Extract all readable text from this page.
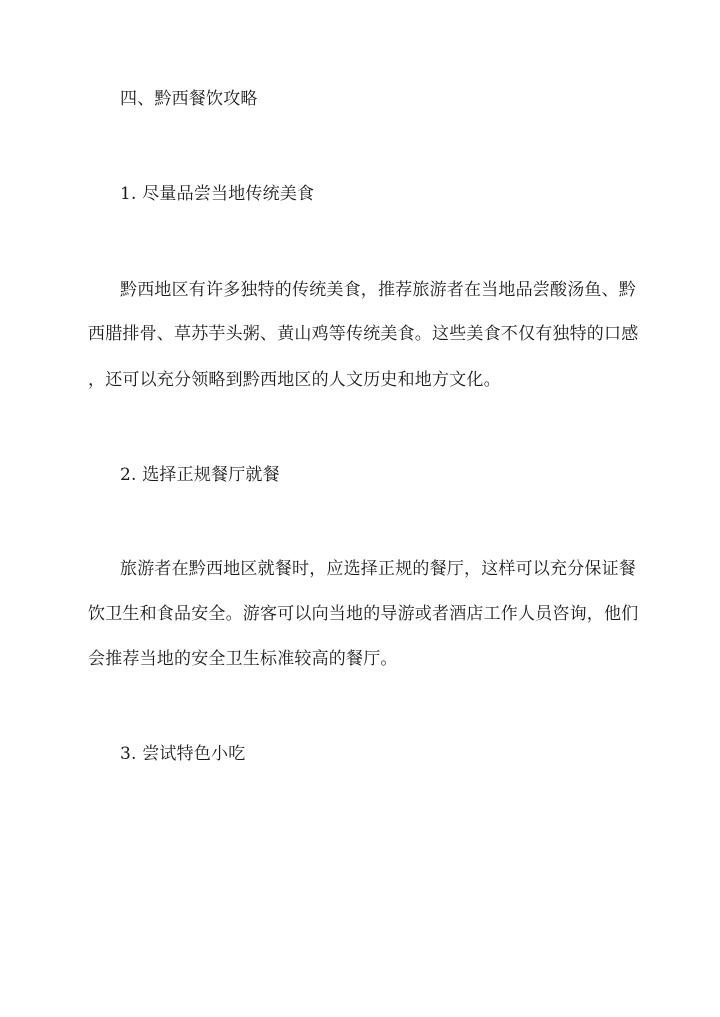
四、黔西餐饮攻略
1. 尽量品尝当地传统美食
黔西地区有许多独特的传统美食，推荐旅游者在当地品尝酸汤鱼、黔
西腊排骨、草苏芋头粥、黄山鸡等传统美食。这些美食不仅有独特的口感
，还可以充分领略到黔西地区的人文历史和地方文化。
2. 选择正规餐厅就餐
旅游者在黔西地区就餐时，应选择正规的餐厅，这样可以充分保证餐
饮卫生和食品安全。游客可以向当地的导游或者酒店工作人员咨询，他们
会推荐当地的安全卫生标准较高的餐厅。
3. 尝试特色小吃
